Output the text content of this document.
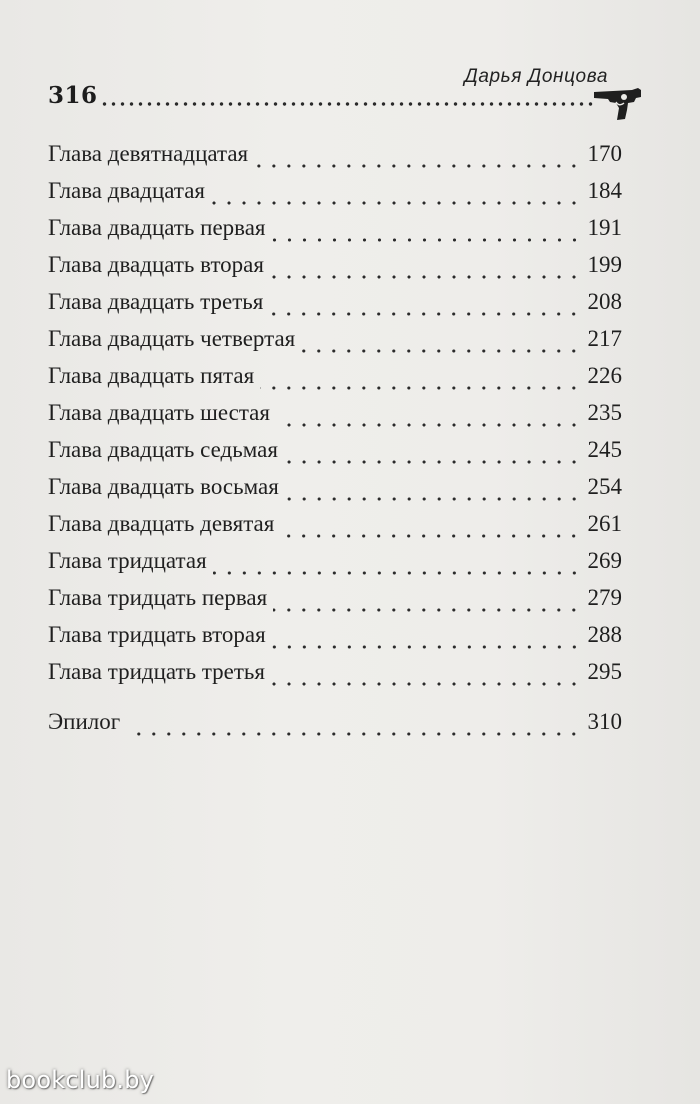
316
Дарья Донцова
Глава девятнадцатая	170
Глава двадцатая	184
Глава двадцать первая	191
Глава двадцать вторая	199
Глава двадцать третья	208
Глава двадцать четвертая	217
Глава двадцать пятая	226
Глава двадцать шестая	235
Глава двадцать седьмая	245
Глава двадцать восьмая	254
Глава двадцать девятая	261
Глава тридцатая	269
Глава тридцать первая	279
Глава тридцать вторая	288
Глава тридцать третья	295
Эпилог	310
bookclub.by
